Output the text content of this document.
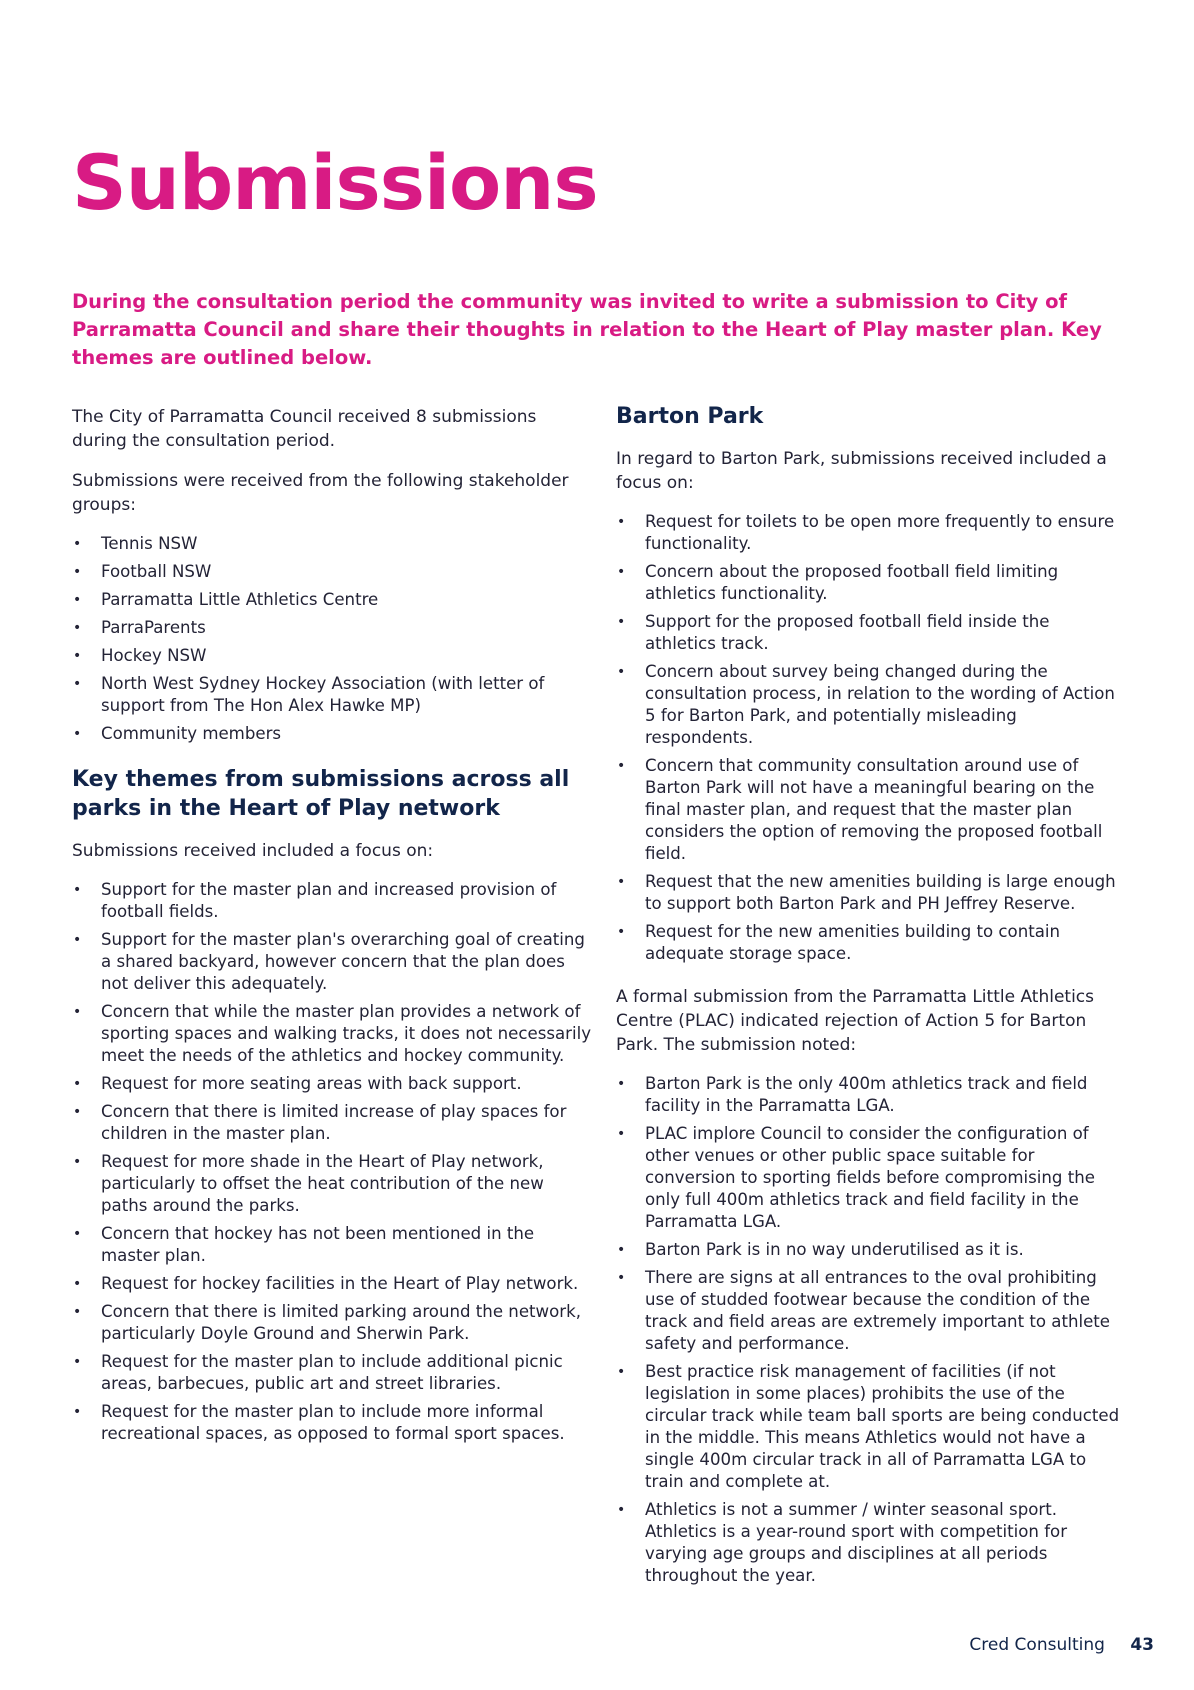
Submissions

During the consultation period the community was invited to write a submission to City of Parramatta Council and share their thoughts in relation to the Heart of Play master plan. Key themes are outlined below.

The City of Parramatta Council received 8 submissions during the consultation period.

Submissions were received from the following stakeholder groups:

• Tennis NSW
• Football NSW
• Parramatta Little Athletics Centre
• ParraParents
• Hockey NSW
• North West Sydney Hockey Association (with letter of support from The Hon Alex Hawke MP)
• Community members
Key themes from submissions across all parks in the Heart of Play network

Submissions received included a focus on:

• Support for the master plan and increased provision of football fields.
• Support for the master plan's overarching goal of creating a shared backyard, however concern that the plan does not deliver this adequately.
• Concern that while the master plan provides a network of sporting spaces and walking tracks, it does not necessarily meet the needs of the athletics and hockey community.
• Request for more seating areas with back support.
• Concern that there is limited increase of play spaces for children in the master plan.
• Request for more shade in the Heart of Play network, particularly to offset the heat contribution of the new paths around the parks.
• Concern that hockey has not been mentioned in the master plan.
• Request for hockey facilities in the Heart of Play network.
• Concern that there is limited parking around the network, particularly Doyle Ground and Sherwin Park.
• Request for the master plan to include additional picnic areas, barbecues, public art and street libraries.
• Request for the master plan to include more informal recreational spaces, as opposed to formal sport spaces.
Barton Park

In regard to Barton Park, submissions received included a focus on:

• Request for toilets to be open more frequently to ensure functionality.
• Concern about the proposed football field limiting athletics functionality.
• Support for the proposed football field inside the athletics track.
• Concern about survey being changed during the consultation process, in relation to the wording of Action 5 for Barton Park, and potentially misleading respondents.
• Concern that community consultation around use of Barton Park will not have a meaningful bearing on the final master plan, and request that the master plan considers the option of removing the proposed football field.
• Request that the new amenities building is large enough to support both Barton Park and PH Jeffrey Reserve.
• Request for the new amenities building to contain adequate storage space.

A formal submission from the Parramatta Little Athletics Centre (PLAC) indicated rejection of Action 5 for Barton Park. The submission noted:

• Barton Park is the only 400m athletics track and field facility in the Parramatta LGA.
• PLAC implore Council to consider the configuration of other venues or other public space suitable for conversion to sporting fields before compromising the only full 400m athletics track and field facility in the Parramatta LGA.
• Barton Park is in no way underutilised as it is.
• There are signs at all entrances to the oval prohibiting use of studded footwear because the condition of the track and field areas are extremely important to athlete safety and performance.
• Best practice risk management of facilities (if not legislation in some places) prohibits the use of the circular track while team ball sports are being conducted in the middle. This means Athletics would not have a single 400m circular track in all of Parramatta LGA to train and complete at.
• Athletics is not a summer / winter seasonal sport. Athletics is a year-round sport with competition for varying age groups and disciplines at all periods throughout the year.
Cred Consulting 43
